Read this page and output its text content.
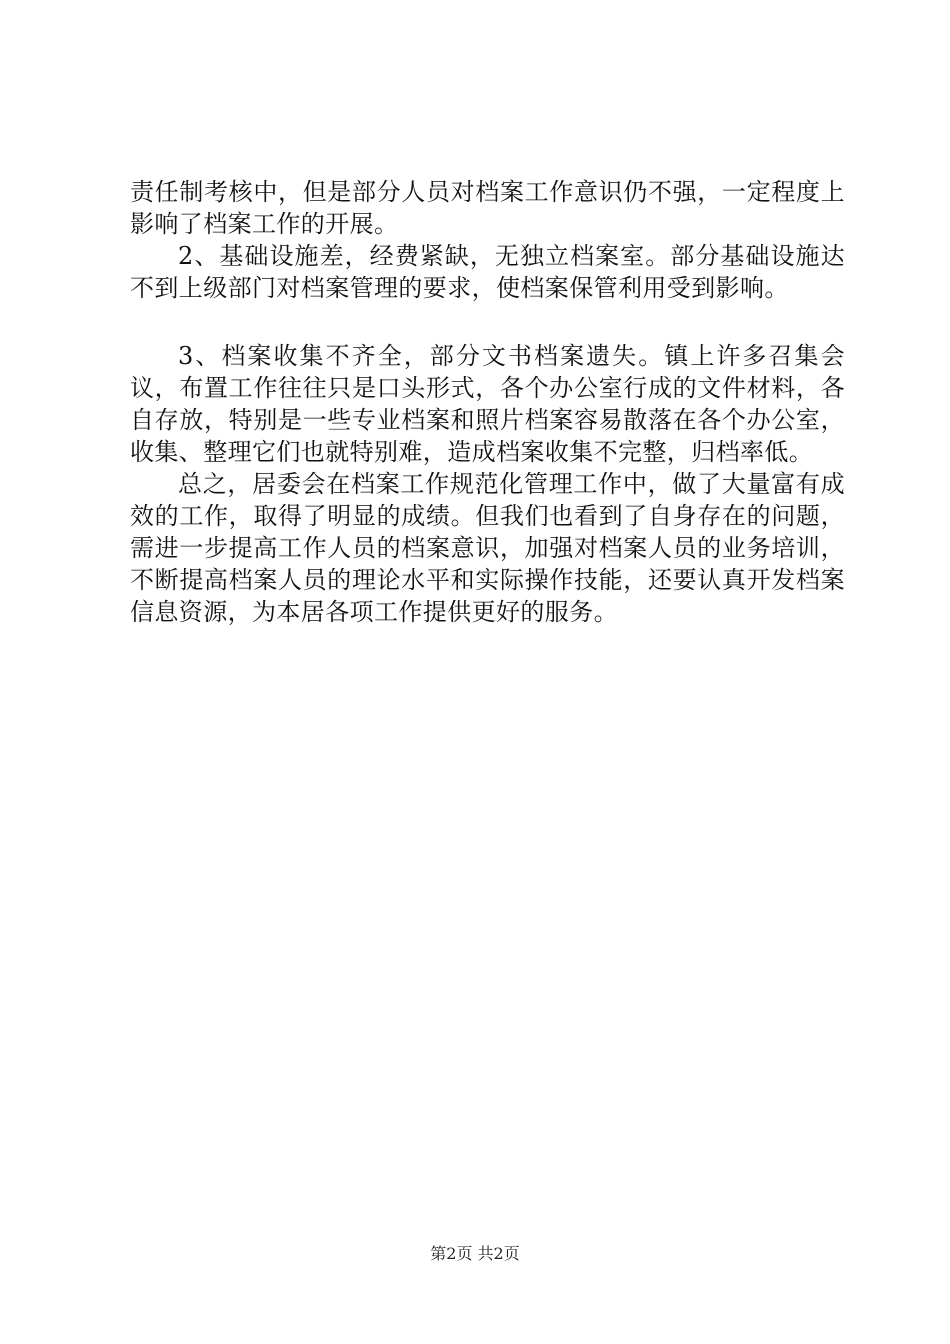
责任制考核中，但是部分人员对档案工作意识仍不强，一定程度上影响了档案工作的开展。

2、基础设施差，经费紧缺，无独立档案室。部分基础设施达不到上级部门对档案管理的要求，使档案保管利用受到影响。

3、档案收集不齐全，部分文书档案遗失。镇上许多召集会议，布置工作往往只是口头形式，各个办公室行成的文件材料，各自存放，特别是一些专业档案和照片档案容易散落在各个办公室，收集、整理它们也就特别难，造成档案收集不完整，归档率低。

总之，居委会在档案工作规范化管理工作中，做了大量富有成效的工作，取得了明显的成绩。但我们也看到了自身存在的问题，需进一步提高工作人员的档案意识，加强对档案人员的业务培训，不断提高档案人员的理论水平和实际操作技能，还要认真开发档案信息资源，为本居各项工作提供更好的服务。

第2页 共2页
